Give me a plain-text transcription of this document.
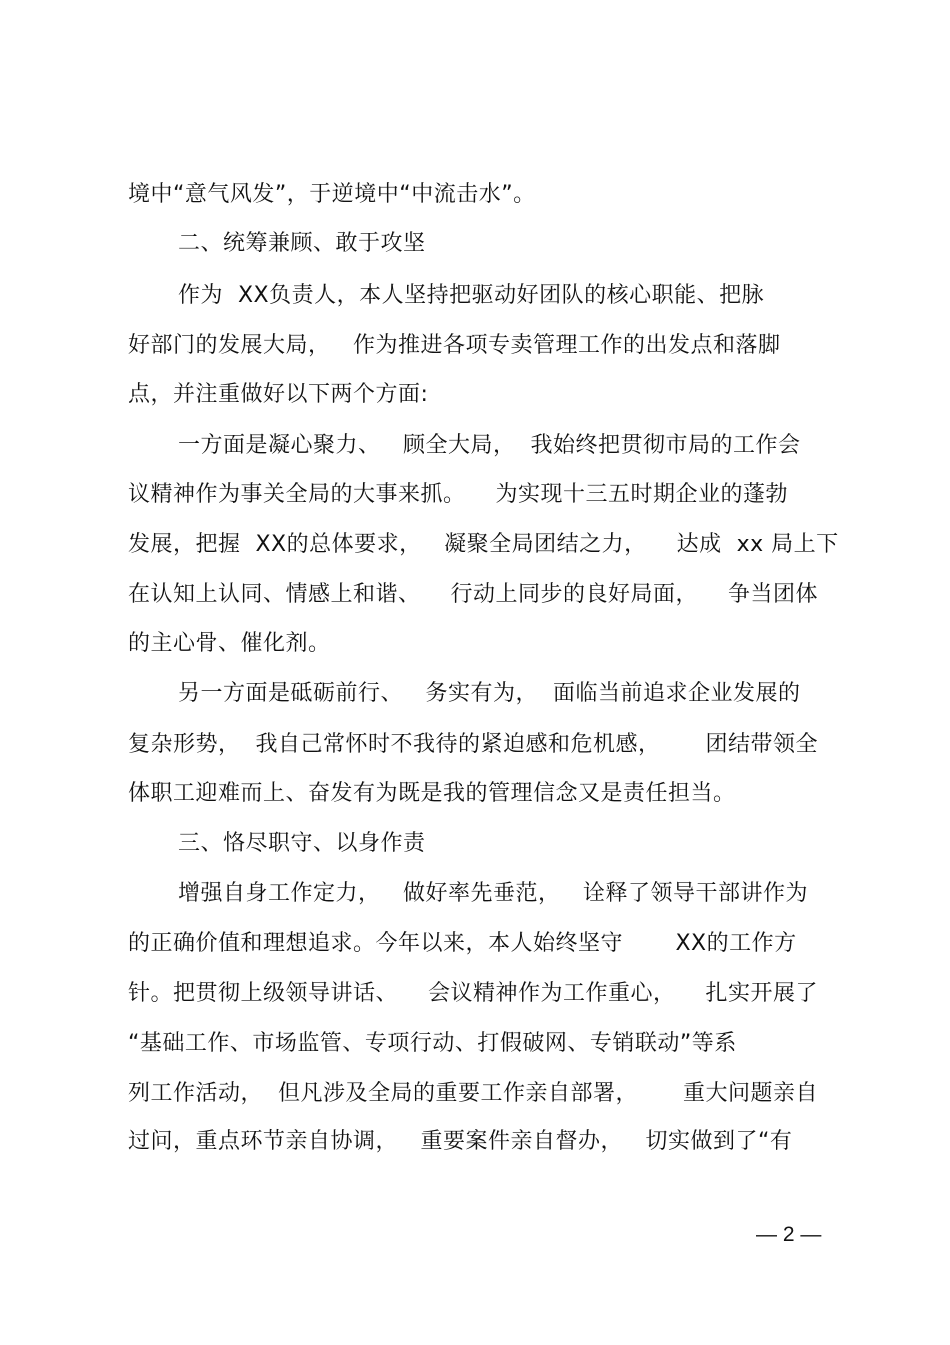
境中“意气风发”，于逆境中“中流击水”。
二、统筹兼顾、敢于攻坚
作为  XX负责人，本人坚持把驱动好团队的核心职能、把脉
好部门的发展大局，   作为推进各项专卖管理工作的出发点和落脚
点，并注重做好以下两个方面:
一方面是凝心聚力、   顾全大局，  我始终把贯彻市局的工作会
议精神作为事关全局的大事来抓。    为实现十三五时期企业的蓬勃
发展，把握  XX的总体要求，   凝聚全局团结之力，    达成  xx 局上下
在认知上认同、情感上和谐、    行动上同步的良好局面，    争当团体
的主心骨、催化剂。
另一方面是砥砺前行、   务实有为，  面临当前追求企业发展的
复杂形势，  我自己常怀时不我待的紧迫感和危机感，      团结带领全
体职工迎难而上、奋发有为既是我的管理信念又是责任担当。
三、恪尽职守、以身作责
增强自身工作定力，   做好率先垂范，   诠释了领导干部讲作为
的正确价值和理想追求。今年以来，本人始终坚守       XX的工作方
针。把贯彻上级领导讲话、    会议精神作为工作重心，    扎实开展了
“基础工作、市场监管、专项行动、打假破网、专销联动”等系
列工作活动，  但凡涉及全局的重要工作亲自部署，      重大问题亲自
过问，重点环节亲自协调，   重要案件亲自督办，   切实做到了“有
— 2 —
